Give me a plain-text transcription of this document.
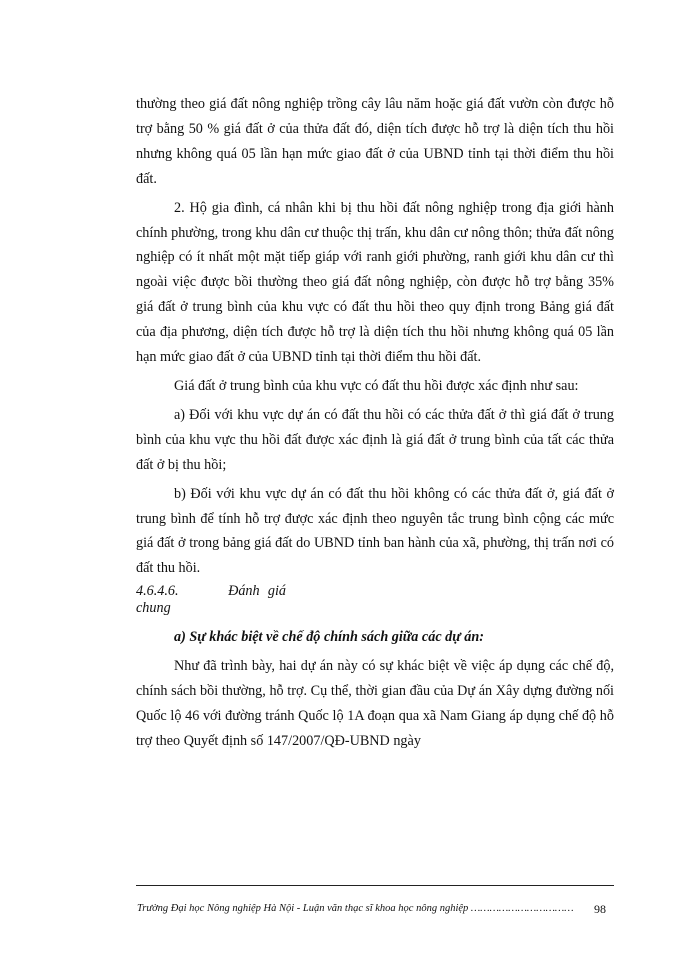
thường theo giá đất nông nghiệp trồng cây lâu năm hoặc giá đất vườn còn được hỗ trợ bằng 50 % giá đất ở của thửa đất đó, diện tích được hỗ trợ là diện tích thu hồi nhưng không quá 05 lần hạn mức giao đất ở của UBND tỉnh tại thời điểm thu hồi đất.

2. Hộ gia đình, cá nhân khi bị thu hồi đất nông nghiệp trong địa giới hành chính phường, trong khu dân cư thuộc thị trấn, khu dân cư nông thôn; thửa đất nông nghiệp có ít nhất một mặt tiếp giáp với ranh giới phường, ranh giới khu dân cư thì ngoài việc được bồi thường theo giá đất nông nghiệp, còn được hỗ trợ bằng 35% giá đất ở trung bình của khu vực có đất thu hồi theo quy định trong Bảng giá đất của địa phương, diện tích được hỗ trợ là diện tích thu hồi nhưng không quá 05 lần hạn mức giao đất ở của UBND tỉnh tại thời điểm thu hồi đất.

Giá đất ở trung bình của khu vực có đất thu hồi được xác định như sau:

a) Đối với khu vực dự án có đất thu hồi có các thửa đất ở thì giá đất ở trung bình của khu vực thu hồi đất được xác định là giá đất ở trung bình của tất các thửa đất ở bị thu hồi;

b) Đối với khu vực dự án có đất thu hồi không có các thửa đất ở, giá đất ở trung bình để tính hỗ trợ được xác định theo nguyên tắc trung bình cộng các mức giá đất ở trong bảng giá đất do UBND tỉnh ban hành của xã, phường, thị trấn nơi có đất thu hồi.

4.6.4.6.	Đánh giá chung

a) Sự khác biệt về chế độ chính sách giữa các dự án:

Như đã trình bày, hai dự án này có sự khác biệt về việc áp dụng các chế độ, chính sách bồi thường, hỗ trợ. Cụ thể, thời gian đầu của Dự án Xây dựng đường nối Quốc lộ 46 với đường tránh Quốc lộ 1A đoạn qua xã Nam Giang áp dụng chế độ hỗ trợ theo Quyết định số 147/2007/QĐ-UBND ngày

Trường Đại học Nông nghiệp Hà Nội - Luận văn thạc sĩ khoa học nông nghiệp …………………………… 98
